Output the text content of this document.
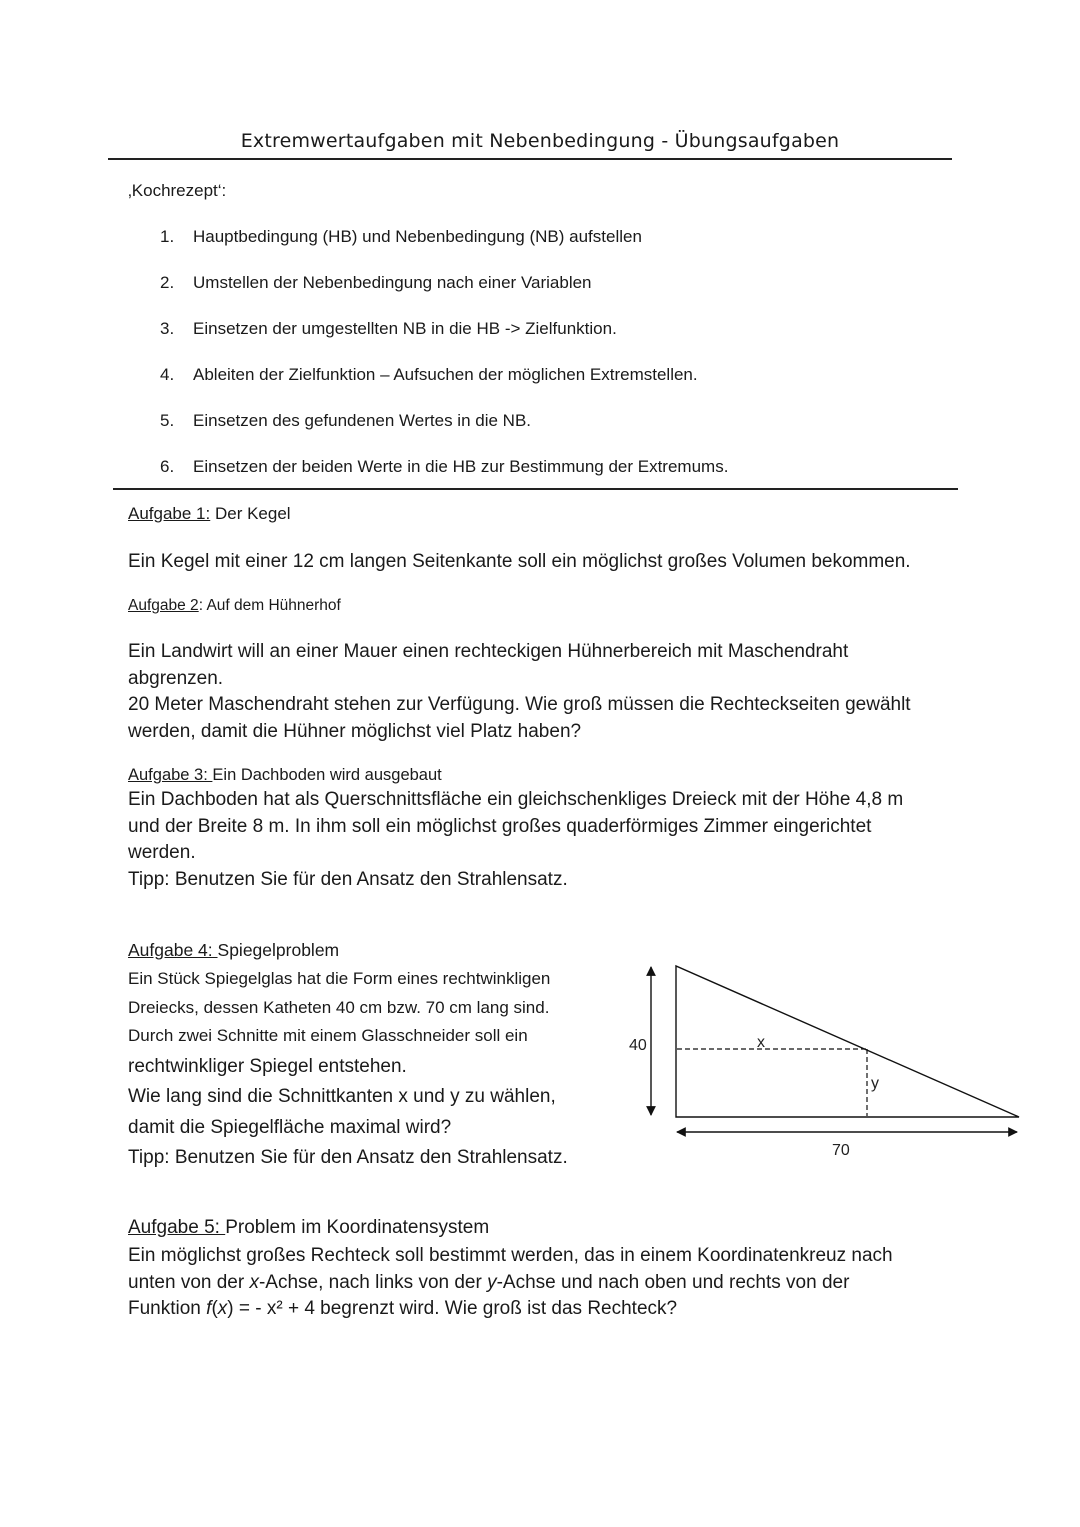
Extremwertaufgaben mit Nebenbedingung - Übungsaufgaben
‚Kochrezept‘:
1. Hauptbedingung (HB) und Nebenbedingung (NB) aufstellen
2. Umstellen der Nebenbedingung nach einer Variablen
3. Einsetzen der umgestellten NB in die HB -> Zielfunktion.
4. Ableiten der Zielfunktion – Aufsuchen der möglichen Extremstellen.
5. Einsetzen des gefundenen Wertes in die NB.
6. Einsetzen der beiden Werte in die HB zur Bestimmung der Extremums.
Aufgabe 1: Der Kegel
Ein Kegel mit einer 12 cm langen Seitenkante soll ein möglichst großes Volumen bekommen.
Aufgabe 2: Auf dem Hühnerhof
Ein Landwirt will an einer Mauer einen rechteckigen Hühnerbereich mit Maschendraht
abgrenzen.
20 Meter Maschendraht stehen zur Verfügung. Wie groß müssen die Rechteckseiten gewählt
werden, damit die Hühner möglichst viel Platz haben?
Aufgabe 3: Ein Dachboden wird ausgebaut
Ein Dachboden hat als Querschnittsfläche ein gleichschenkliges Dreieck mit der Höhe 4,8 m
und der Breite 8 m. In ihm soll ein möglichst großes quaderförmiges Zimmer eingerichtet
werden.
Tipp: Benutzen Sie für den Ansatz den Strahlensatz.
Aufgabe 4: Spiegelproblem
Ein Stück Spiegelglas hat die Form eines rechtwinkligen
Dreiecks, dessen Katheten 40 cm bzw. 70 cm lang sind.
Durch zwei Schnitte mit einem Glasschneider soll ein
rechtwinkliger Spiegel entstehen.
Wie lang sind die Schnittkanten x und y zu wählen,
damit die Spiegelfläche maximal wird?
Tipp: Benutzen Sie für den Ansatz den Strahlensatz.
40	x
y
70
Aufgabe 5: Problem im Koordinatensystem
Ein möglichst großes Rechteck soll bestimmt werden, das in einem Koordinatenkreuz nach
unten von der x-Achse, nach links von der y-Achse und nach oben und rechts von der
Funktion f(x) = - x² + 4 begrenzt wird. Wie groß ist das Rechteck?
